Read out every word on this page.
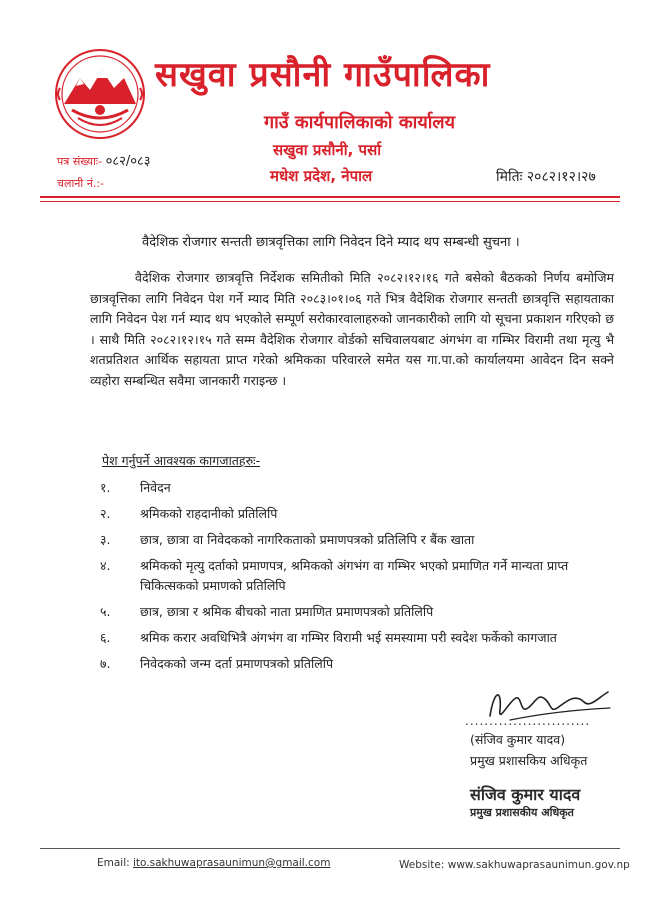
सखुवा प्रसौनी गाउँपालिका
गाउँ कार्यपालिकाको कार्यालय
सखुवा प्रसौनी, पर्सा
मधेश प्रदेश, नेपाल
पत्र संख्याः- ०८२/०८३
चलानी नं.:-	मितिः २०८२।१२।२७
वैदेशिक रोजगार सन्तती छात्रवृत्तिका लागि निवेदन दिने म्याद थप सम्बन्धी सुचना ।
वैदेशिक रोजगार छात्रवृत्ति निर्देशक समितीको मिति २०८२।१२।१६ गते बसेको बैठकको निर्णय बमोजिम छात्रवृत्तिका लागि निवेदन पेश गर्ने म्याद मिति २०८३।०१।०६ गते भित्र वैदेशिक रोजगार सन्तती छात्रवृत्ति सहायताका लागि निवेदन पेश गर्न म्याद थप भएकोले सम्पूर्ण सरोकारवालाहरुको जानकारीको लागि यो सूचना प्रकाशन गरिएको छ । साथै मिति २०८२।१२।१५ गते सम्म वैदेशिक रोजगार वोर्डको सचिवालयबाट अंगभंग वा गम्भिर विरामी तथा मृत्यु भै शतप्रतिशत आर्थिक सहायता प्राप्त गरेको श्रमिकका परिवारले समेत यस गा.पा.को कार्यालयमा आवेदन दिन सक्ने व्यहोरा सम्बन्धित सवैमा जानकारी गराइन्छ ।
पेश गर्नुपर्ने आवश्यक कागजातहरुः-
१.	निवेदन
२.	श्रमिकको राहदानीको प्रतिलिपि
३.	छात्र, छात्रा वा निवेदकको नागरिकताको प्रमाणपत्रको प्रतिलिपि र बैंक खाता
४.	श्रमिकको मृत्यु दर्ताको प्रमाणपत्र, श्रमिकको अंगभंग वा गम्भिर भएको प्रमाणित गर्ने मान्यता प्राप्त चिकित्सकको प्रमाणको प्रतिलिपि
५.	छात्र, छात्रा र श्रमिक बीचको नाता प्रमाणित प्रमाणपत्रको प्रतिलिपि
६.	श्रमिक करार अवधिभित्रै अंगभंग वा गम्भिर विरामी भई समस्यामा परी स्वदेश फर्केको कागजात
७.	निवेदकको जन्म दर्ता प्रमाणपत्रको प्रतिलिपि
..........................
(संजिव कुमार यादव)
प्रमुख प्रशासकिय अधिकृत
संजिव कुमार यादव
प्रमुख प्रशासकीय अधिकृत
Email: ito.sakhuwaprasaunimun@gmail.com	Website: www.sakhuwaprasaunimun.gov.np
